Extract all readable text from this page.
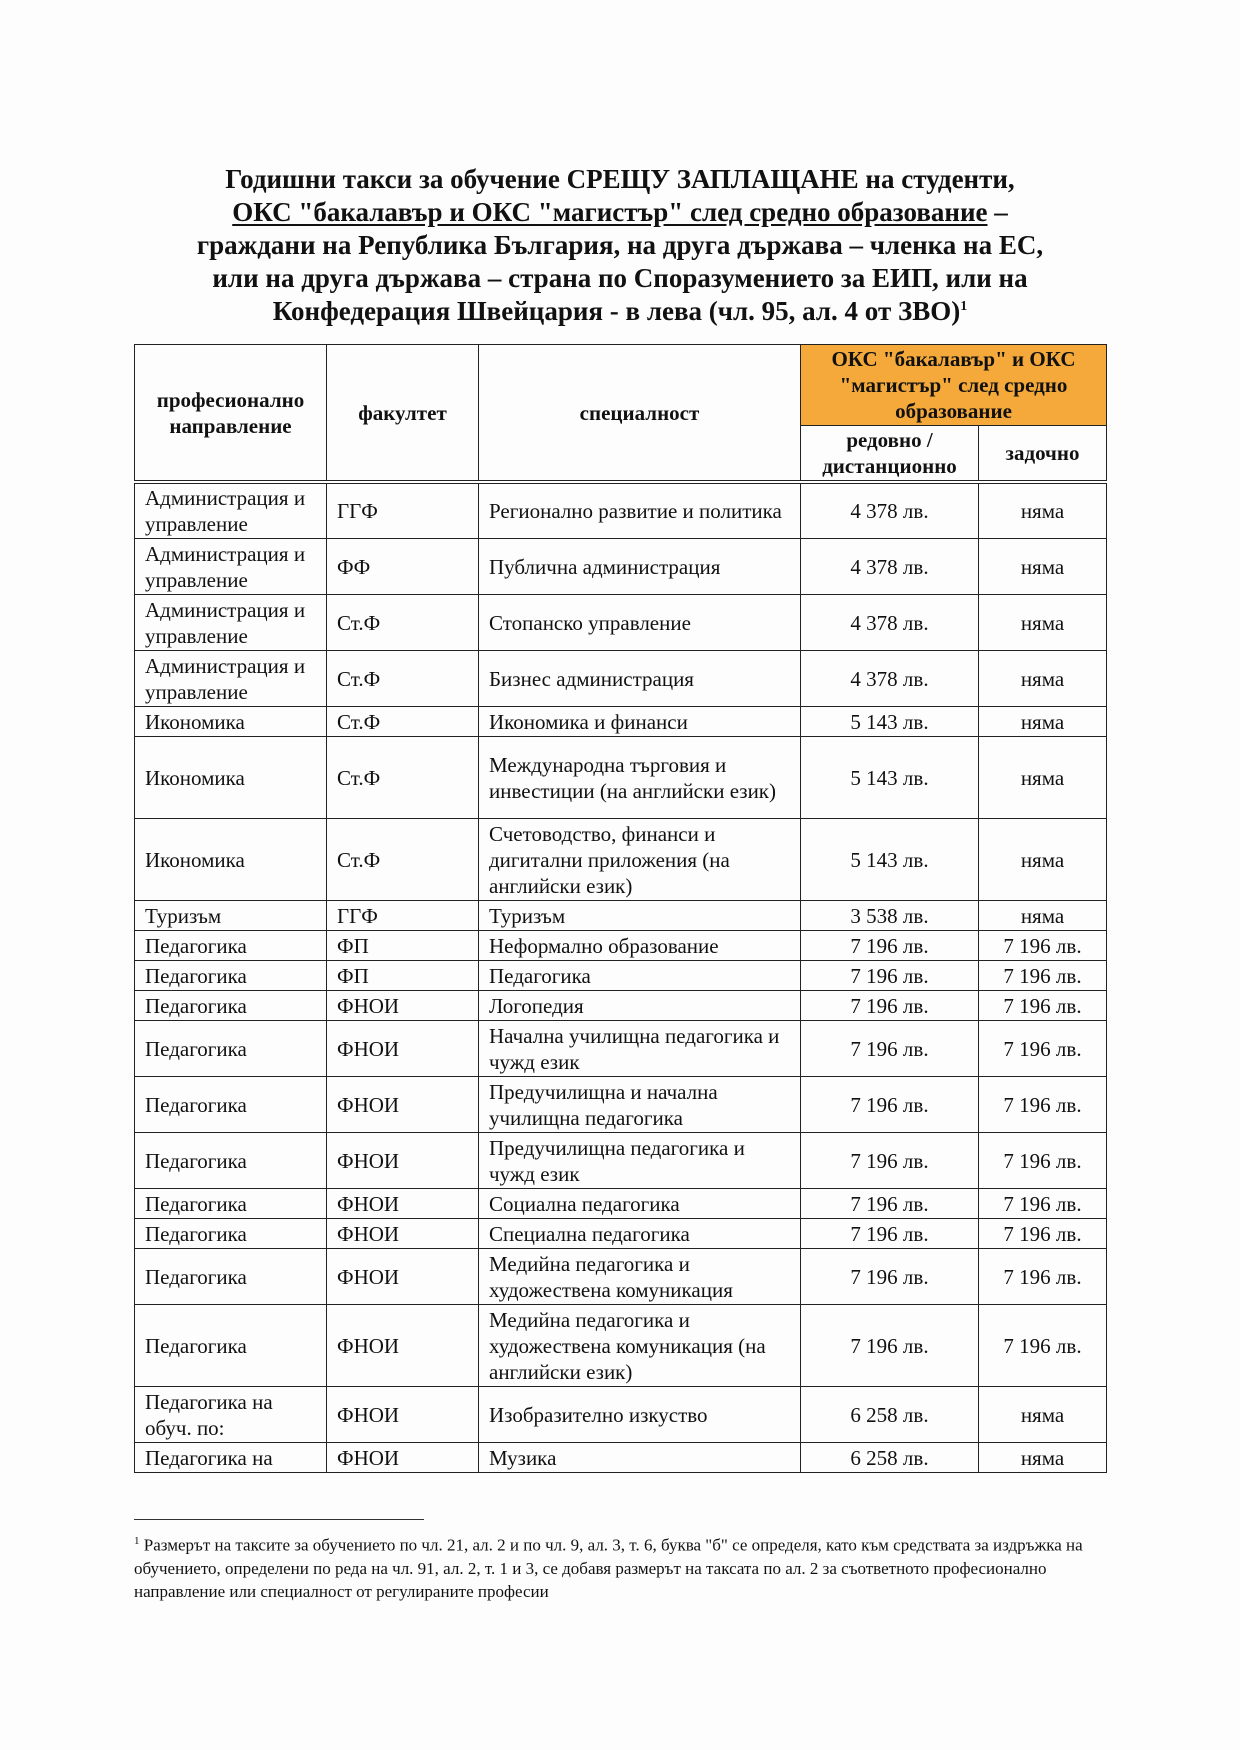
Годишни такси за обучение СРЕЩУ ЗАПЛАЩАНЕ на студенти,
ОКС "бакалавър и ОКС "магистър" след средно образование –
граждани на Република България, на друга държава – членка на ЕС,
или на друга държава – страна по Споразумението за ЕИП, или на
Конфедерация Швейцария - в лева (чл. 95, ал. 4 от ЗВО)$^1$
професионално направление	факултет	специалност	ОКС "бакалавър" и ОКС "магистър" след средно образование	
			редовно / дистанционно	задочно
Администрация и управление	ГГФ	Регионално развитие и политика	4 378 лв.	няма
Администрация и управление	ФФ	Публична администрация	4 378 лв.	няма
Администрация и управление	Ст.Ф	Стопанско управление	4 378 лв.	няма
Администрация и управление	Ст.Ф	Бизнес администрация	4 378 лв.	няма
Икономика	Ст.Ф	Икономика и финанси	5 143 лв.	няма
Икономика	Ст.Ф	Международна търговия и инвестиции (на английски език)	5 143 лв.	няма
Икономика	Ст.Ф	Счетоводство, финанси и дигитални приложения (на английски език)	5 143 лв.	няма
Туризъм	ГГФ	Туризъм	3 538 лв.	няма
Педагогика	ФП	Неформално образование	7 196 лв.	7 196 лв.
Педагогика	ФП	Педагогика	7 196 лв.	7 196 лв.
Педагогика	ФНОИ	Логопедия	7 196 лв.	7 196 лв.
Педагогика	ФНОИ	Начална училищна педагогика и чужд език	7 196 лв.	7 196 лв.
Педагогика	ФНОИ	Предучилищна и начална училищна педагогика	7 196 лв.	7 196 лв.
Педагогика	ФНОИ	Предучилищна педагогика и чужд език	7 196 лв.	7 196 лв.
Педагогика	ФНОИ	Социална педагогика	7 196 лв.	7 196 лв.
Педагогика	ФНОИ	Специална педагогика	7 196 лв.	7 196 лв.
Педагогика	ФНОИ	Медийна педагогика и художествена комуникация	7 196 лв.	7 196 лв.
Педагогика	ФНОИ	Медийна педагогика и художествена комуникация (на английски език)	7 196 лв.	7 196 лв.
Педагогика на обуч. по:	ФНОИ	Изобразително изкуство	6 258 лв.	няма
Педагогика на	ФНОИ	Музика	6 258 лв.	няма
$^1$ Размерът на таксите за обучението по чл. 21, ал. 2 и по чл. 9, ал. 3, т. 6, буква "б" се определя, като към средствата за издръжка на обучението, определени по реда на чл. 91, ал. 2, т. 1 и 3, се добавя размерът на таксата по ал. 2 за съответното професионално направление или специалност от регулираните професии
